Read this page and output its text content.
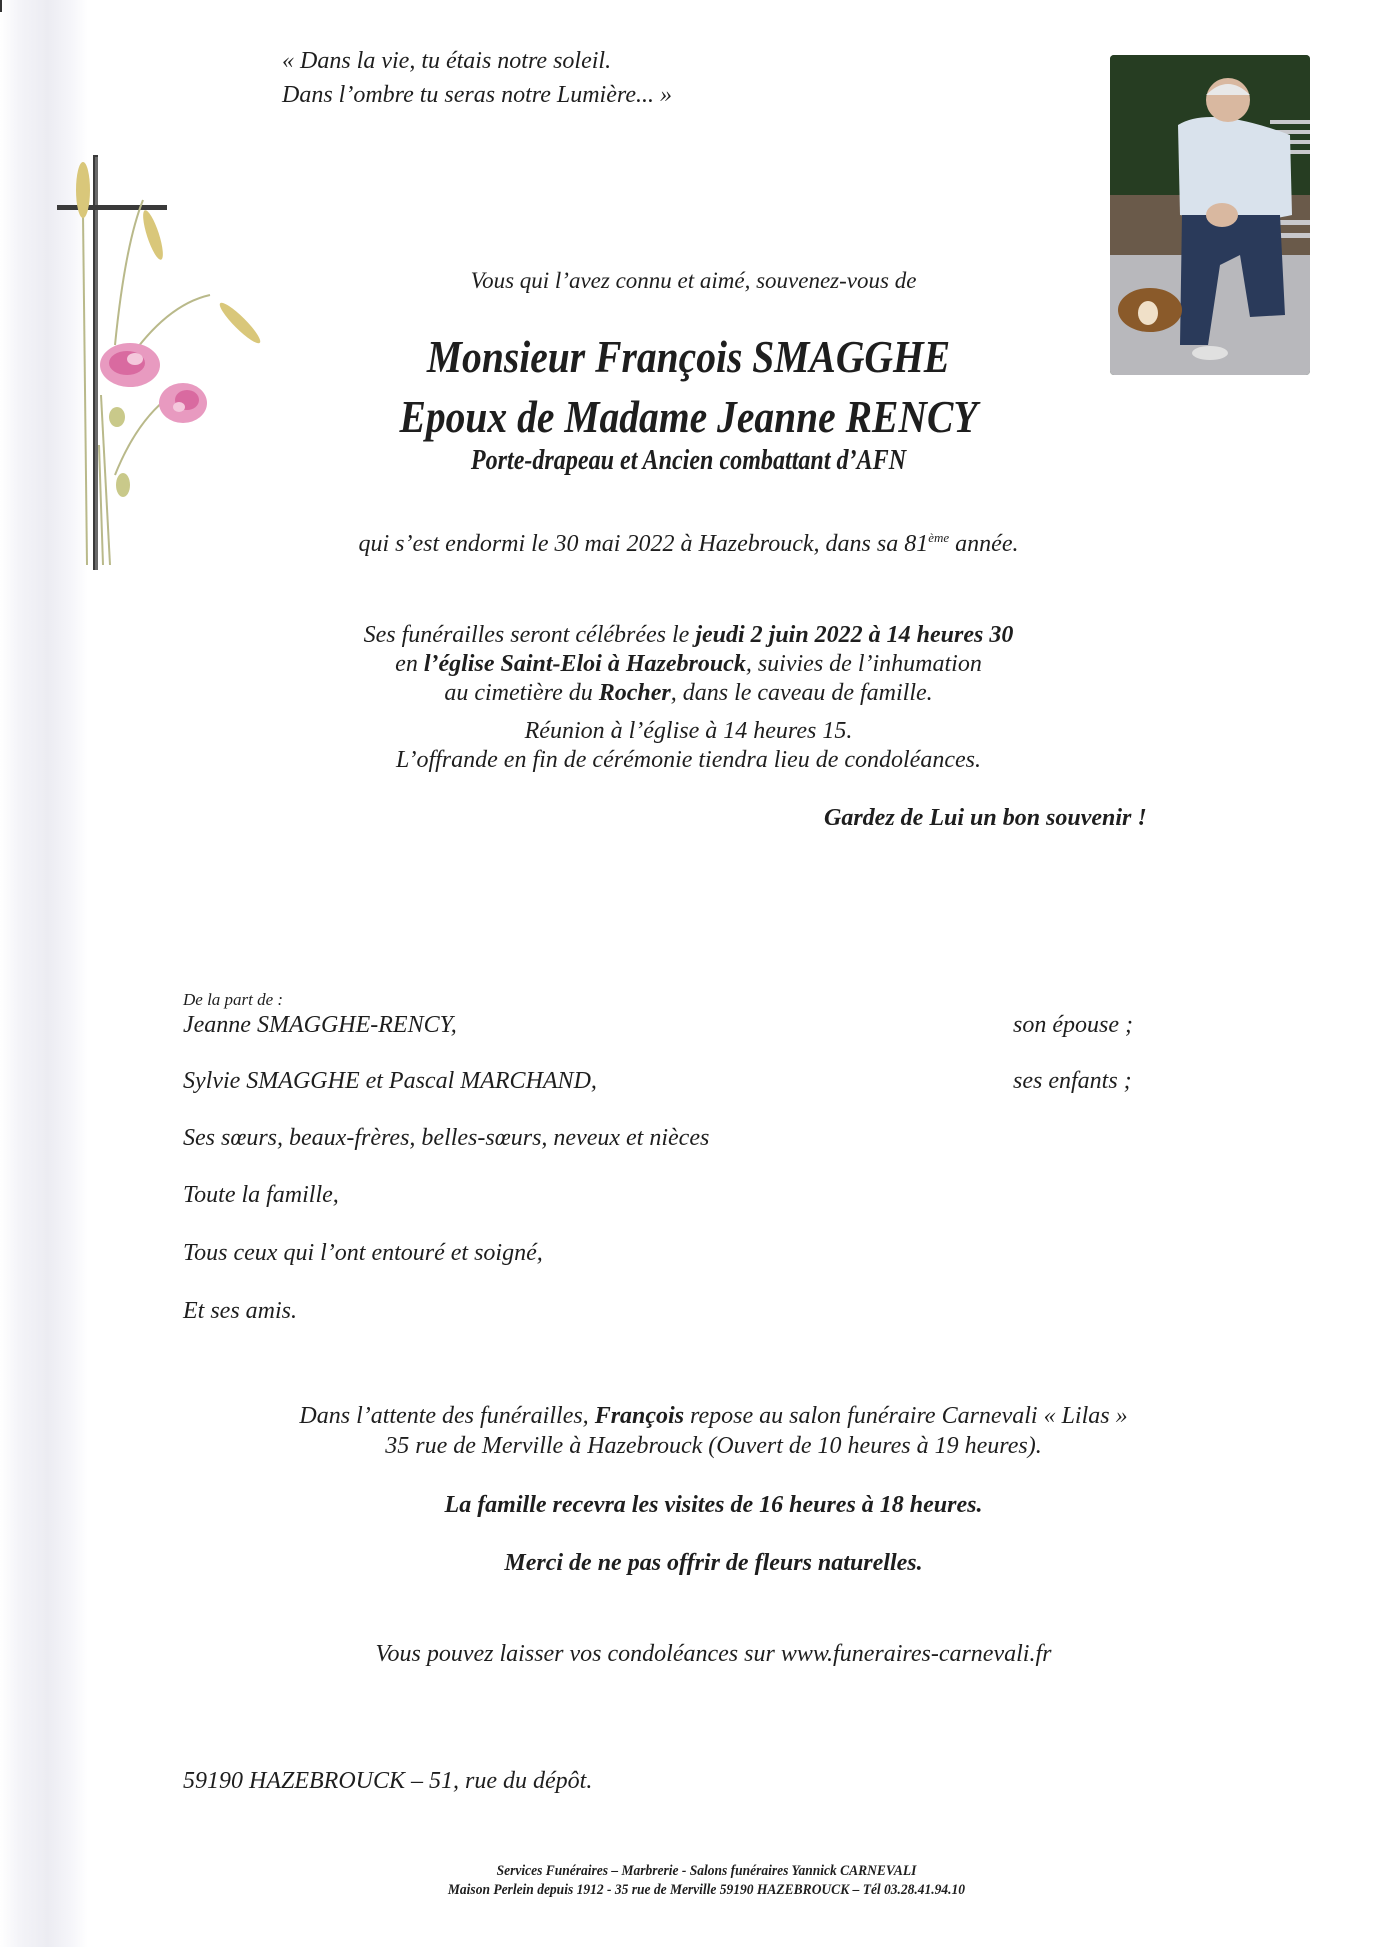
« Dans la vie, tu étais notre soleil.
Dans l’ombre tu seras notre Lumière... »
Vous qui l’avez connu et aimé, souvenez-vous de
Monsieur François SMAGGHE
Epoux de Madame Jeanne RENCY
Porte-drapeau et Ancien combattant d’AFN
qui s’est endormi le 30 mai 2022 à Hazebrouck, dans sa 81ème année.
Ses funérailles seront célébrées le jeudi 2 juin 2022 à 14 heures 30
en l’église Saint-Eloi à Hazebrouck, suivies de l’inhumation
au cimetière du Rocher, dans le caveau de famille.
Réunion à l’église à 14 heures 15.
L’offrande en fin de cérémonie tiendra lieu de condoléances.
Gardez de Lui un bon souvenir !
De la part de :
Jeanne SMAGGHE-RENCY,	son épouse ;
Sylvie SMAGGHE et Pascal MARCHAND,	ses enfants ;
Ses sœurs, beaux-frères, belles-sœurs, neveux et nièces
Toute la famille,
Tous ceux qui l’ont entouré et soigné,
Et ses amis.
Dans l’attente des funérailles, François repose au salon funéraire Carnevali « Lilas »
35 rue de Merville à Hazebrouck (Ouvert de 10 heures à 19 heures).
La famille recevra les visites de 16 heures à 18 heures.
Merci de ne pas offrir de fleurs naturelles.
Vous pouvez laisser vos condoléances sur www.funeraires-carnevali.fr
59190 HAZEBROUCK – 51, rue du dépôt.
Services Funéraires – Marbrerie - Salons funéraires Yannick CARNEVALI
Maison Perlein depuis 1912 - 35 rue de Merville 59190 HAZEBROUCK – Tél 03.28.41.94.10
